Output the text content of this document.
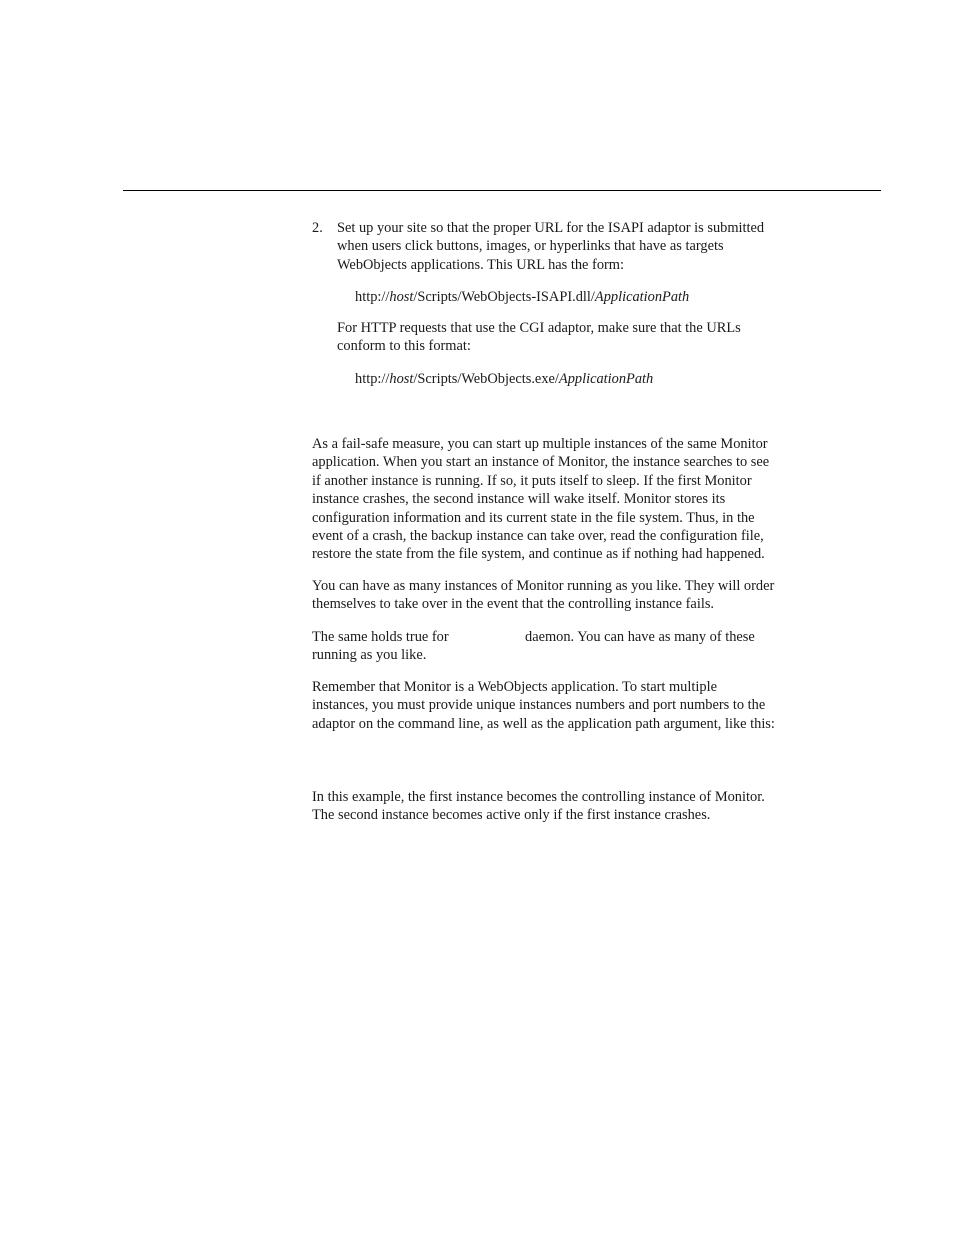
2. Set up your site so that the proper URL for the ISAPI adaptor is submitted
when users click buttons, images, or hyperlinks that have as targets
WebObjects applications. This URL has the form:
http://host/Scripts/WebObjects-ISAPI.dll/ApplicationPath
For HTTP requests that use the CGI adaptor, make sure that the URLs
conform to this format:
http://host/Scripts/WebObjects.exe/ApplicationPath
As a fail-safe measure, you can start up multiple instances of the same Monitor
application. When you start an instance of Monitor, the instance searches to see
if another instance is running. If so, it puts itself to sleep. If the first Monitor
instance crashes, the second instance will wake itself. Monitor stores its
configuration information and its current state in the file system. Thus, in the
event of a crash, the backup instance can take over, read the configuration file,
restore the state from the file system, and continue as if nothing had happened.
You can have as many instances of Monitor running as you like. They will order
themselves to take over in the event that the controlling instance fails.
The same holds true for	daemon. You can have as many of these
running as you like.
Remember that Monitor is a WebObjects application. To start multiple
instances, you must provide unique instances numbers and port numbers to the
adaptor on the command line, as well as the application path argument, like this:
In this example, the first instance becomes the controlling instance of Monitor.
The second instance becomes active only if the first instance crashes.
